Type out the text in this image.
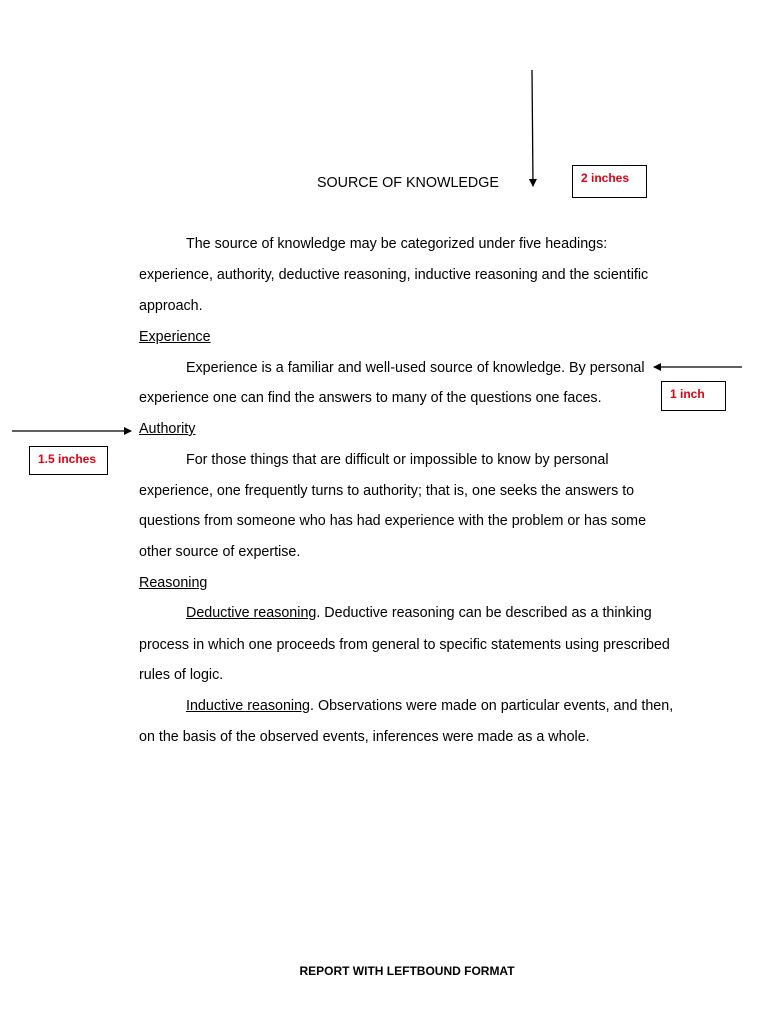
SOURCE OF KNOWLEDGE	2 inches
1 inch
1.5 inches
The source of knowledge may be categorized under five headings:
experience, authority, deductive reasoning, inductive reasoning and the scientific
approach.
Experience
Experience is a familiar and well-used source of knowledge. By personal
experience one can find the answers to many of the questions one faces.
Authority
For those things that are difficult or impossible to know by personal
experience, one frequently turns to authority; that is, one seeks the answers to
questions from someone who has had experience with the problem or has some
other source of expertise.
Reasoning
Deductive reasoning. Deductive reasoning can be described as a thinking
process in which one proceeds from general to specific statements using prescribed
rules of logic.
Inductive reasoning. Observations were made on particular events, and then,
on the basis of the observed events, inferences were made as a whole.
REPORT WITH LEFTBOUND FORMAT
